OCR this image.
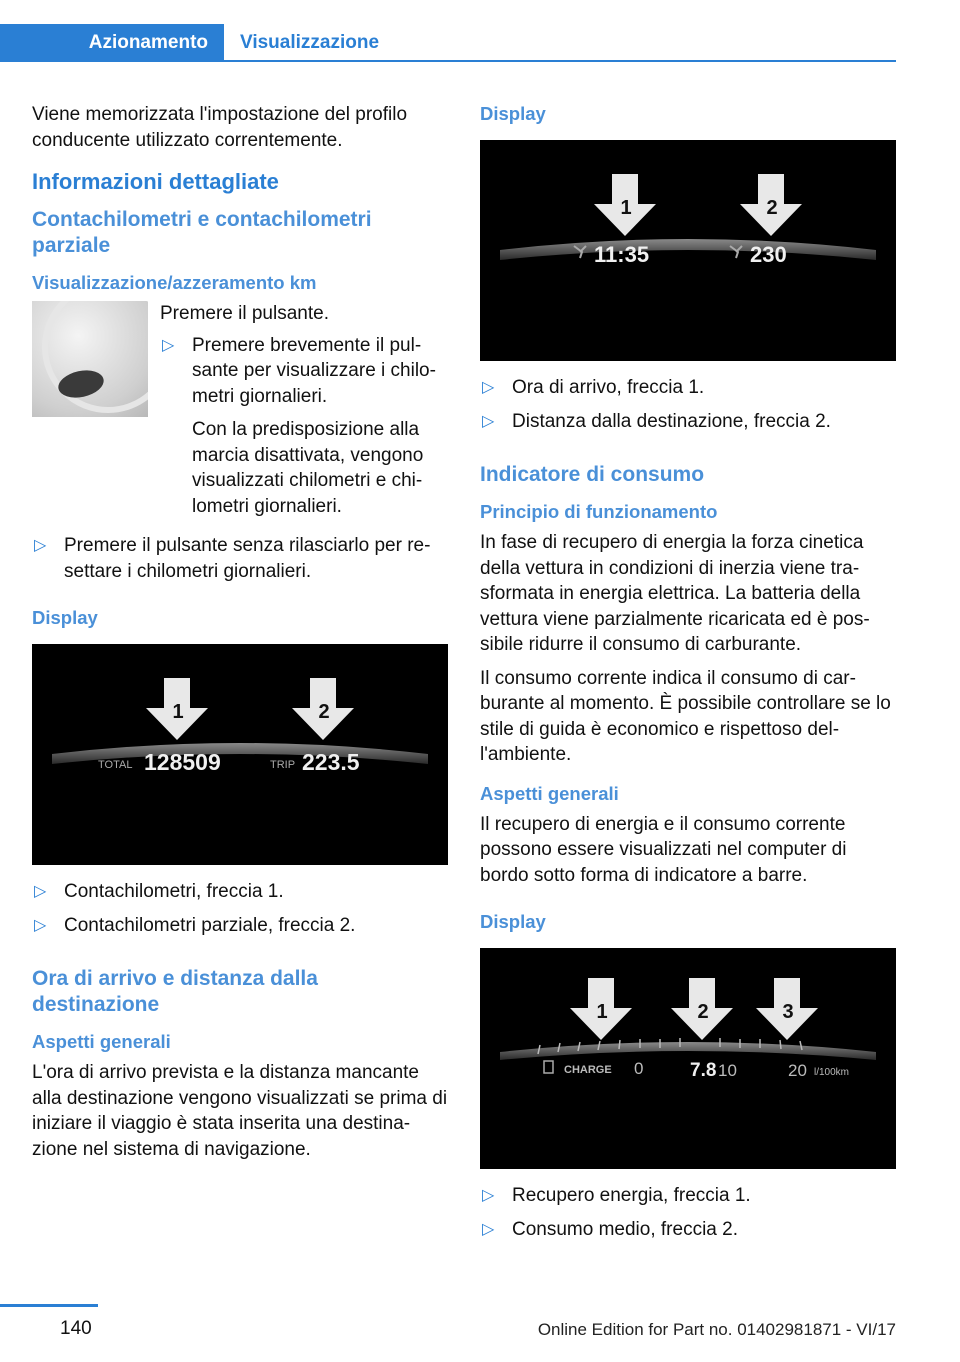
Azionamento	Visualizzazione

Viene memorizzata l'impostazione del profilo conducente utilizzato correntemente.

Informazioni dettagliate
Contachilometri e contachilometri parziale
Visualizzazione/azzeramento km

Premere il pulsante.

▷ Premere brevemente il pulsante per visualizzare i chilometri giornalieri.
Con la predisposizione alla marcia disattivata, vengono visualizzati chilometri e chilometri giornalieri.
▷ Premere il pulsante senza rilasciarlo per resettare i chilometri giornalieri.
Display
1	2
TOTAL 128509	TRIP 223.5
▷ Contachilometri, freccia 1.
▷ Contachilometri parziale, freccia 2.
Ora di arrivo e distanza dalla destinazione
Aspetti generali

L'ora di arrivo prevista e la distanza mancante alla destinazione vengono visualizzati se prima di iniziare il viaggio è stata inserita una destinazione nel sistema di navigazione.

Display
1	2
11:35	230
▷ Ora di arrivo, freccia 1.
▷ Distanza dalla destinazione, freccia 2.
Indicatore di consumo
Principio di funzionamento

In fase di recupero di energia la forza cinetica della vettura in condizioni di inerzia viene trasformata in energia elettrica. La batteria della vettura viene parzialmente ricaricata ed è possibile ridurre il consumo di carburante.

Il consumo corrente indica il consumo di carburante al momento. È possibile controllare se lo stile di guida è economico e rispettoso dell'ambiente.

Aspetti generali

Il recupero di energia e il consumo corrente possono essere visualizzati nel computer di bordo sotto forma di indicatore a barre.

Display
1	2	3
CHARGE 0 7.8 10	20 l/100km
▷ Recupero energia, freccia 1.
▷ Consumo medio, freccia 2.
140	Online Edition for Part no. 01402981871 - VI/17
